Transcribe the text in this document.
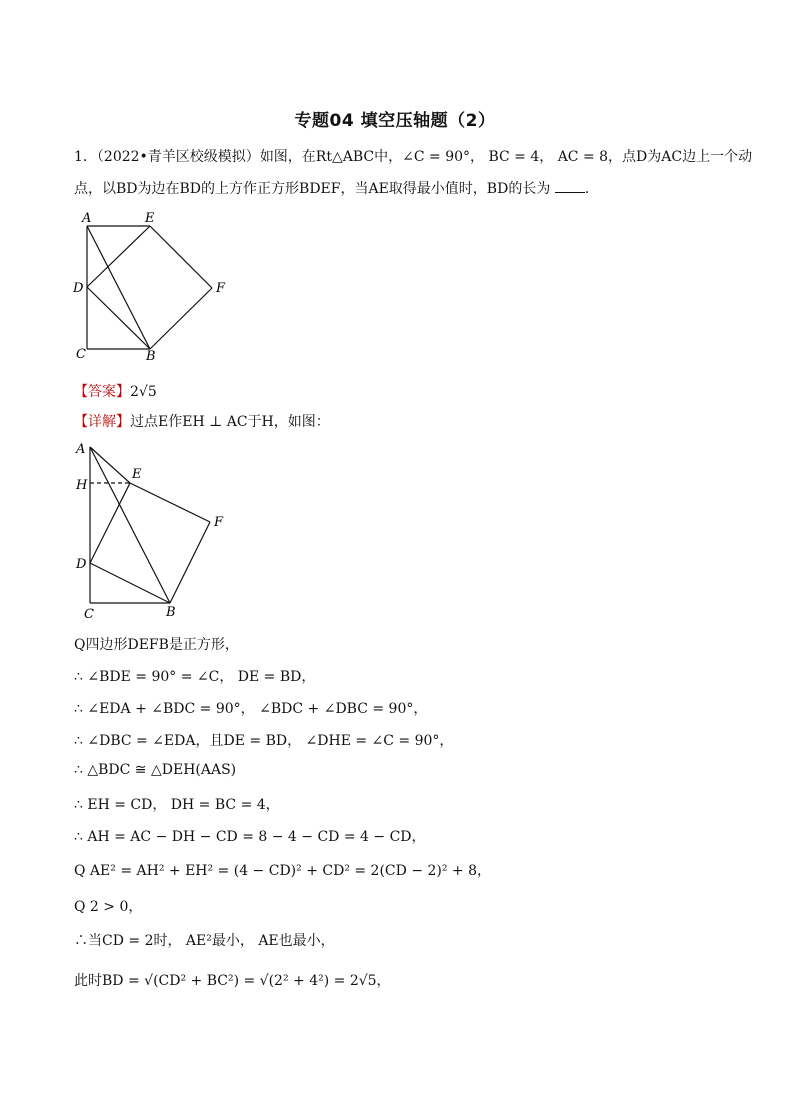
专题04 填空压轴题（2）
1．（2022•青羊区校级模拟）如图，在Rt△ABC中，∠C = 90°， BC = 4， AC = 8，点D为AC边上一个动
点，以BD为边在BD的上方作正方形BDEF，当AE取得最小值时，BD的长为 .
A	E
D	F
C	B
【答案】2√5
【详解】过点E作EH ⊥ AC于H，如图：
A
H
E
F
D
C	B
Q四边形DEFB是正方形，
∴ ∠BDE = 90° = ∠C， DE = BD，
∴ ∠EDA + ∠BDC = 90°， ∠BDC + ∠DBC = 90°，
∴ ∠DBC = ∠EDA，且DE = BD， ∠DHE = ∠C = 90°，
∴ △BDC ≅ △DEH(AAS)
∴ EH = CD， DH = BC = 4，
∴ AH = AC − DH − CD = 8 − 4 − CD = 4 − CD，
Q AE² = AH² + EH² = (4 − CD)² + CD² = 2(CD − 2)² + 8，
Q 2 > 0，
∴当CD = 2时， AE²最小， AE也最小，
此时BD = √(CD² + BC²) = √(2² + 4²) = 2√5，
